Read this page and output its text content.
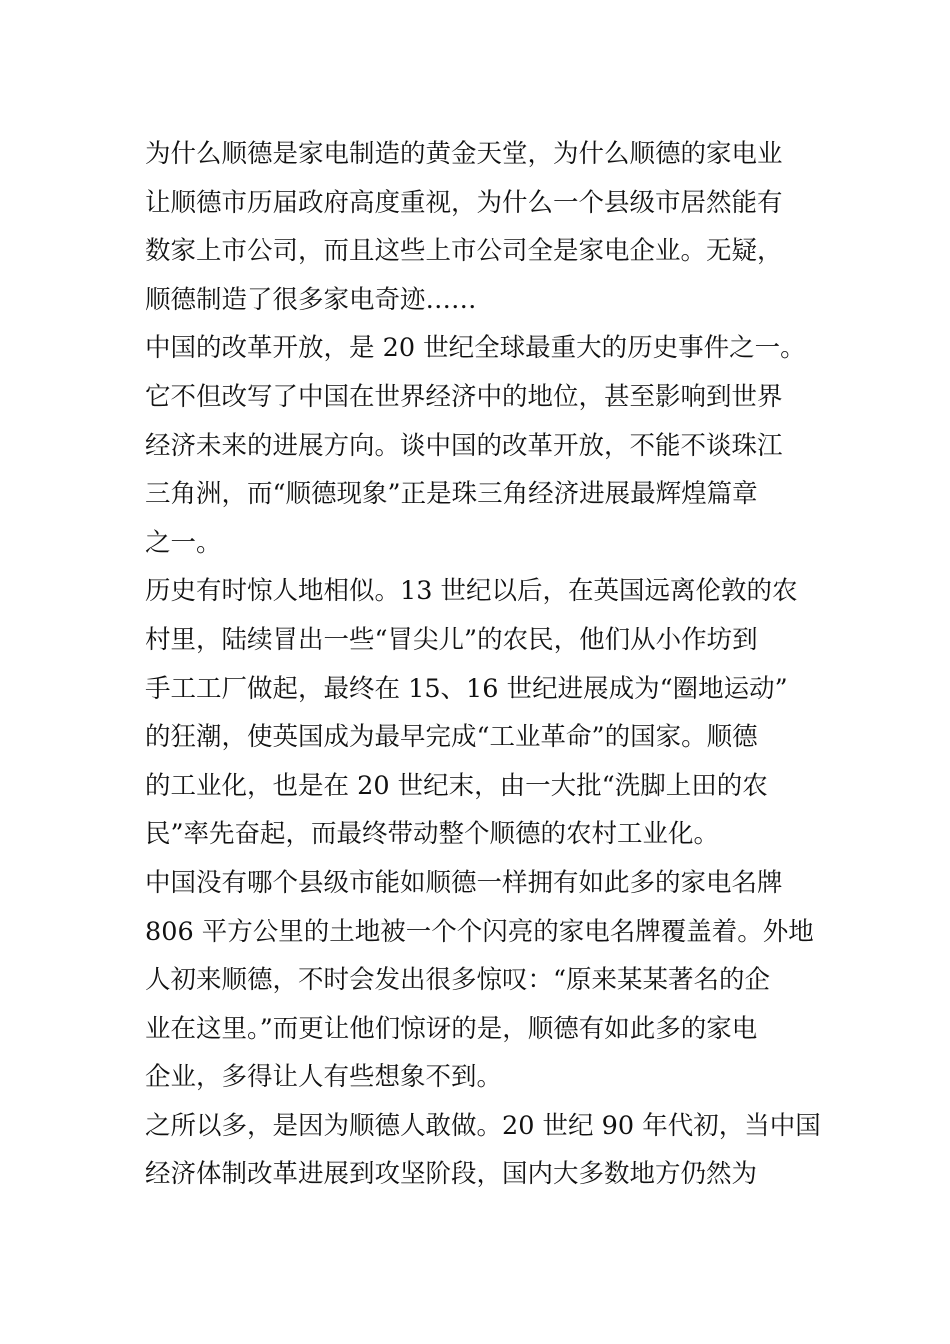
为什么顺德是家电制造的黄金天堂，为什么顺德的家电业
让顺德市历届政府高度重视，为什么一个县级市居然能有
数家上市公司，而且这些上市公司全是家电企业。无疑，
顺德制造了很多家电奇迹……
中国的改革开放，是 20 世纪全球最重大的历史事件之一。
它不但改写了中国在世界经济中的地位，甚至影响到世界
经济未来的进展方向。谈中国的改革开放，不能不谈珠江
三角洲，而“顺德现象”正是珠三角经济进展最辉煌篇章
之一。
历史有时惊人地相似。13 世纪以后，在英国远离伦敦的农
村里，陆续冒出一些“冒尖儿”的农民，他们从小作坊到
手工工厂做起，最终在 15、16 世纪进展成为“圈地运动”
的狂潮，使英国成为最早完成“工业革命”的国家。顺德
的工业化，也是在 20 世纪末，由一大批“洗脚上田的农
民”率先奋起，而最终带动整个顺德的农村工业化。
中国没有哪个县级市能如顺德一样拥有如此多的家电名牌
806 平方公里的土地被一个个闪亮的家电名牌覆盖着。外地
人初来顺德，不时会发出很多惊叹：“原来某某著名的企
业在这里。”而更让他们惊讶的是，顺德有如此多的家电
企业，多得让人有些想象不到。
之所以多，是因为顺德人敢做。20 世纪 90 年代初，当中国
经济体制改革进展到攻坚阶段，国内大多数地方仍然为
